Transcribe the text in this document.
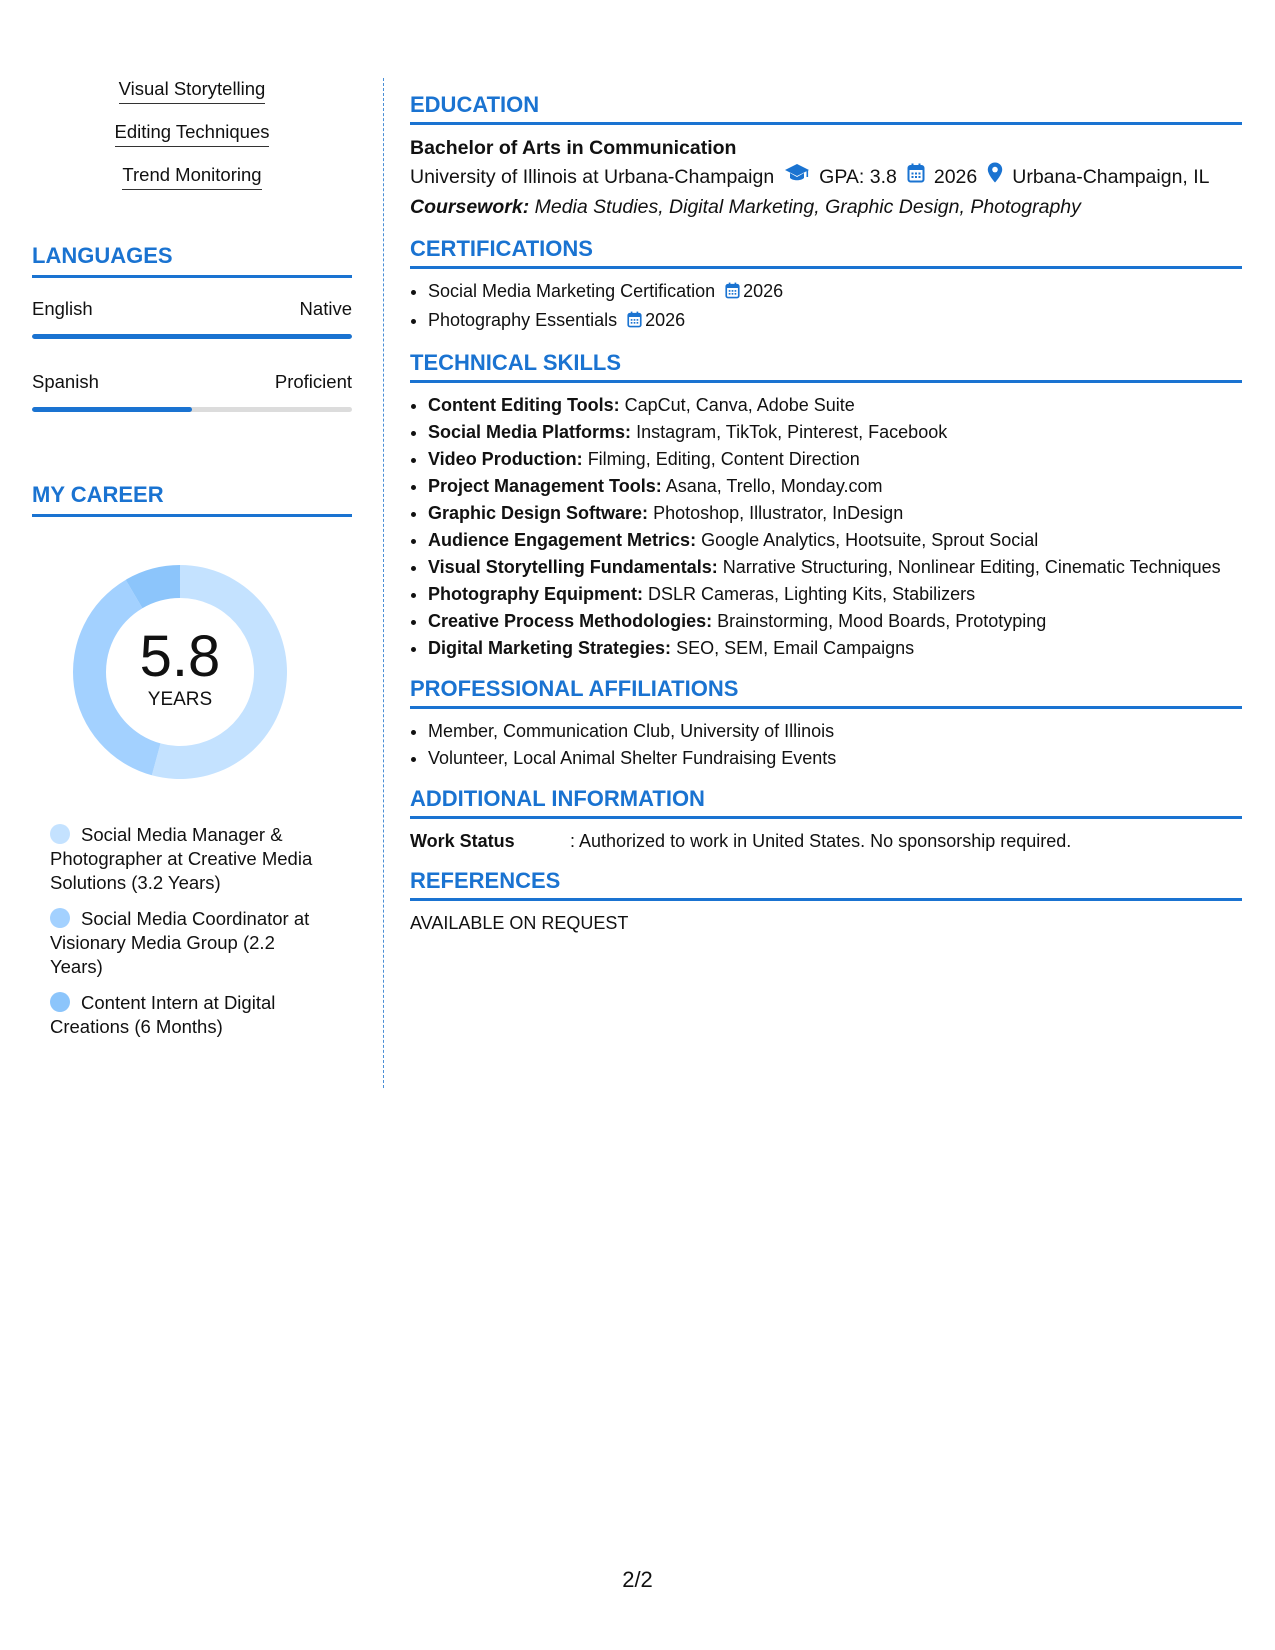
Visual Storytelling
Editing Techniques
Trend Monitoring
LANGUAGES
English	Native
Spanish	Proficient
MY CAREER
5.8
YEARS
Social Media Manager & Photographer at Creative Media Solutions (3.2 Years)
Social Media Coordinator at Visionary Media Group (2.2 Years)
Content Intern at Digital Creations (6 Months)
EDUCATION
Bachelor of Arts in Communication
University of Illinois at Urbana-Champaign GPA: 3.8 2026 Urbana-Champaign, IL
Coursework: Media Studies, Digital Marketing, Graphic Design, Photography
CERTIFICATIONS
• Social Media Marketing Certification 2026
• Photography Essentials 2026
TECHNICAL SKILLS
• Content Editing Tools: CapCut, Canva, Adobe Suite
• Social Media Platforms: Instagram, TikTok, Pinterest, Facebook
• Video Production: Filming, Editing, Content Direction
• Project Management Tools: Asana, Trello, Monday.com
• Graphic Design Software: Photoshop, Illustrator, InDesign
• Audience Engagement Metrics: Google Analytics, Hootsuite, Sprout Social
• Visual Storytelling Fundamentals: Narrative Structuring, Nonlinear Editing, Cinematic Techniques
• Photography Equipment: DSLR Cameras, Lighting Kits, Stabilizers
• Creative Process Methodologies: Brainstorming, Mood Boards, Prototyping
• Digital Marketing Strategies: SEO, SEM, Email Campaigns
PROFESSIONAL AFFILIATIONS
• Member, Communication Club, University of Illinois
• Volunteer, Local Animal Shelter Fundraising Events
ADDITIONAL INFORMATION
Work Status	: Authorized to work in United States. No sponsorship required.
REFERENCES
AVAILABLE ON REQUEST
2/2
